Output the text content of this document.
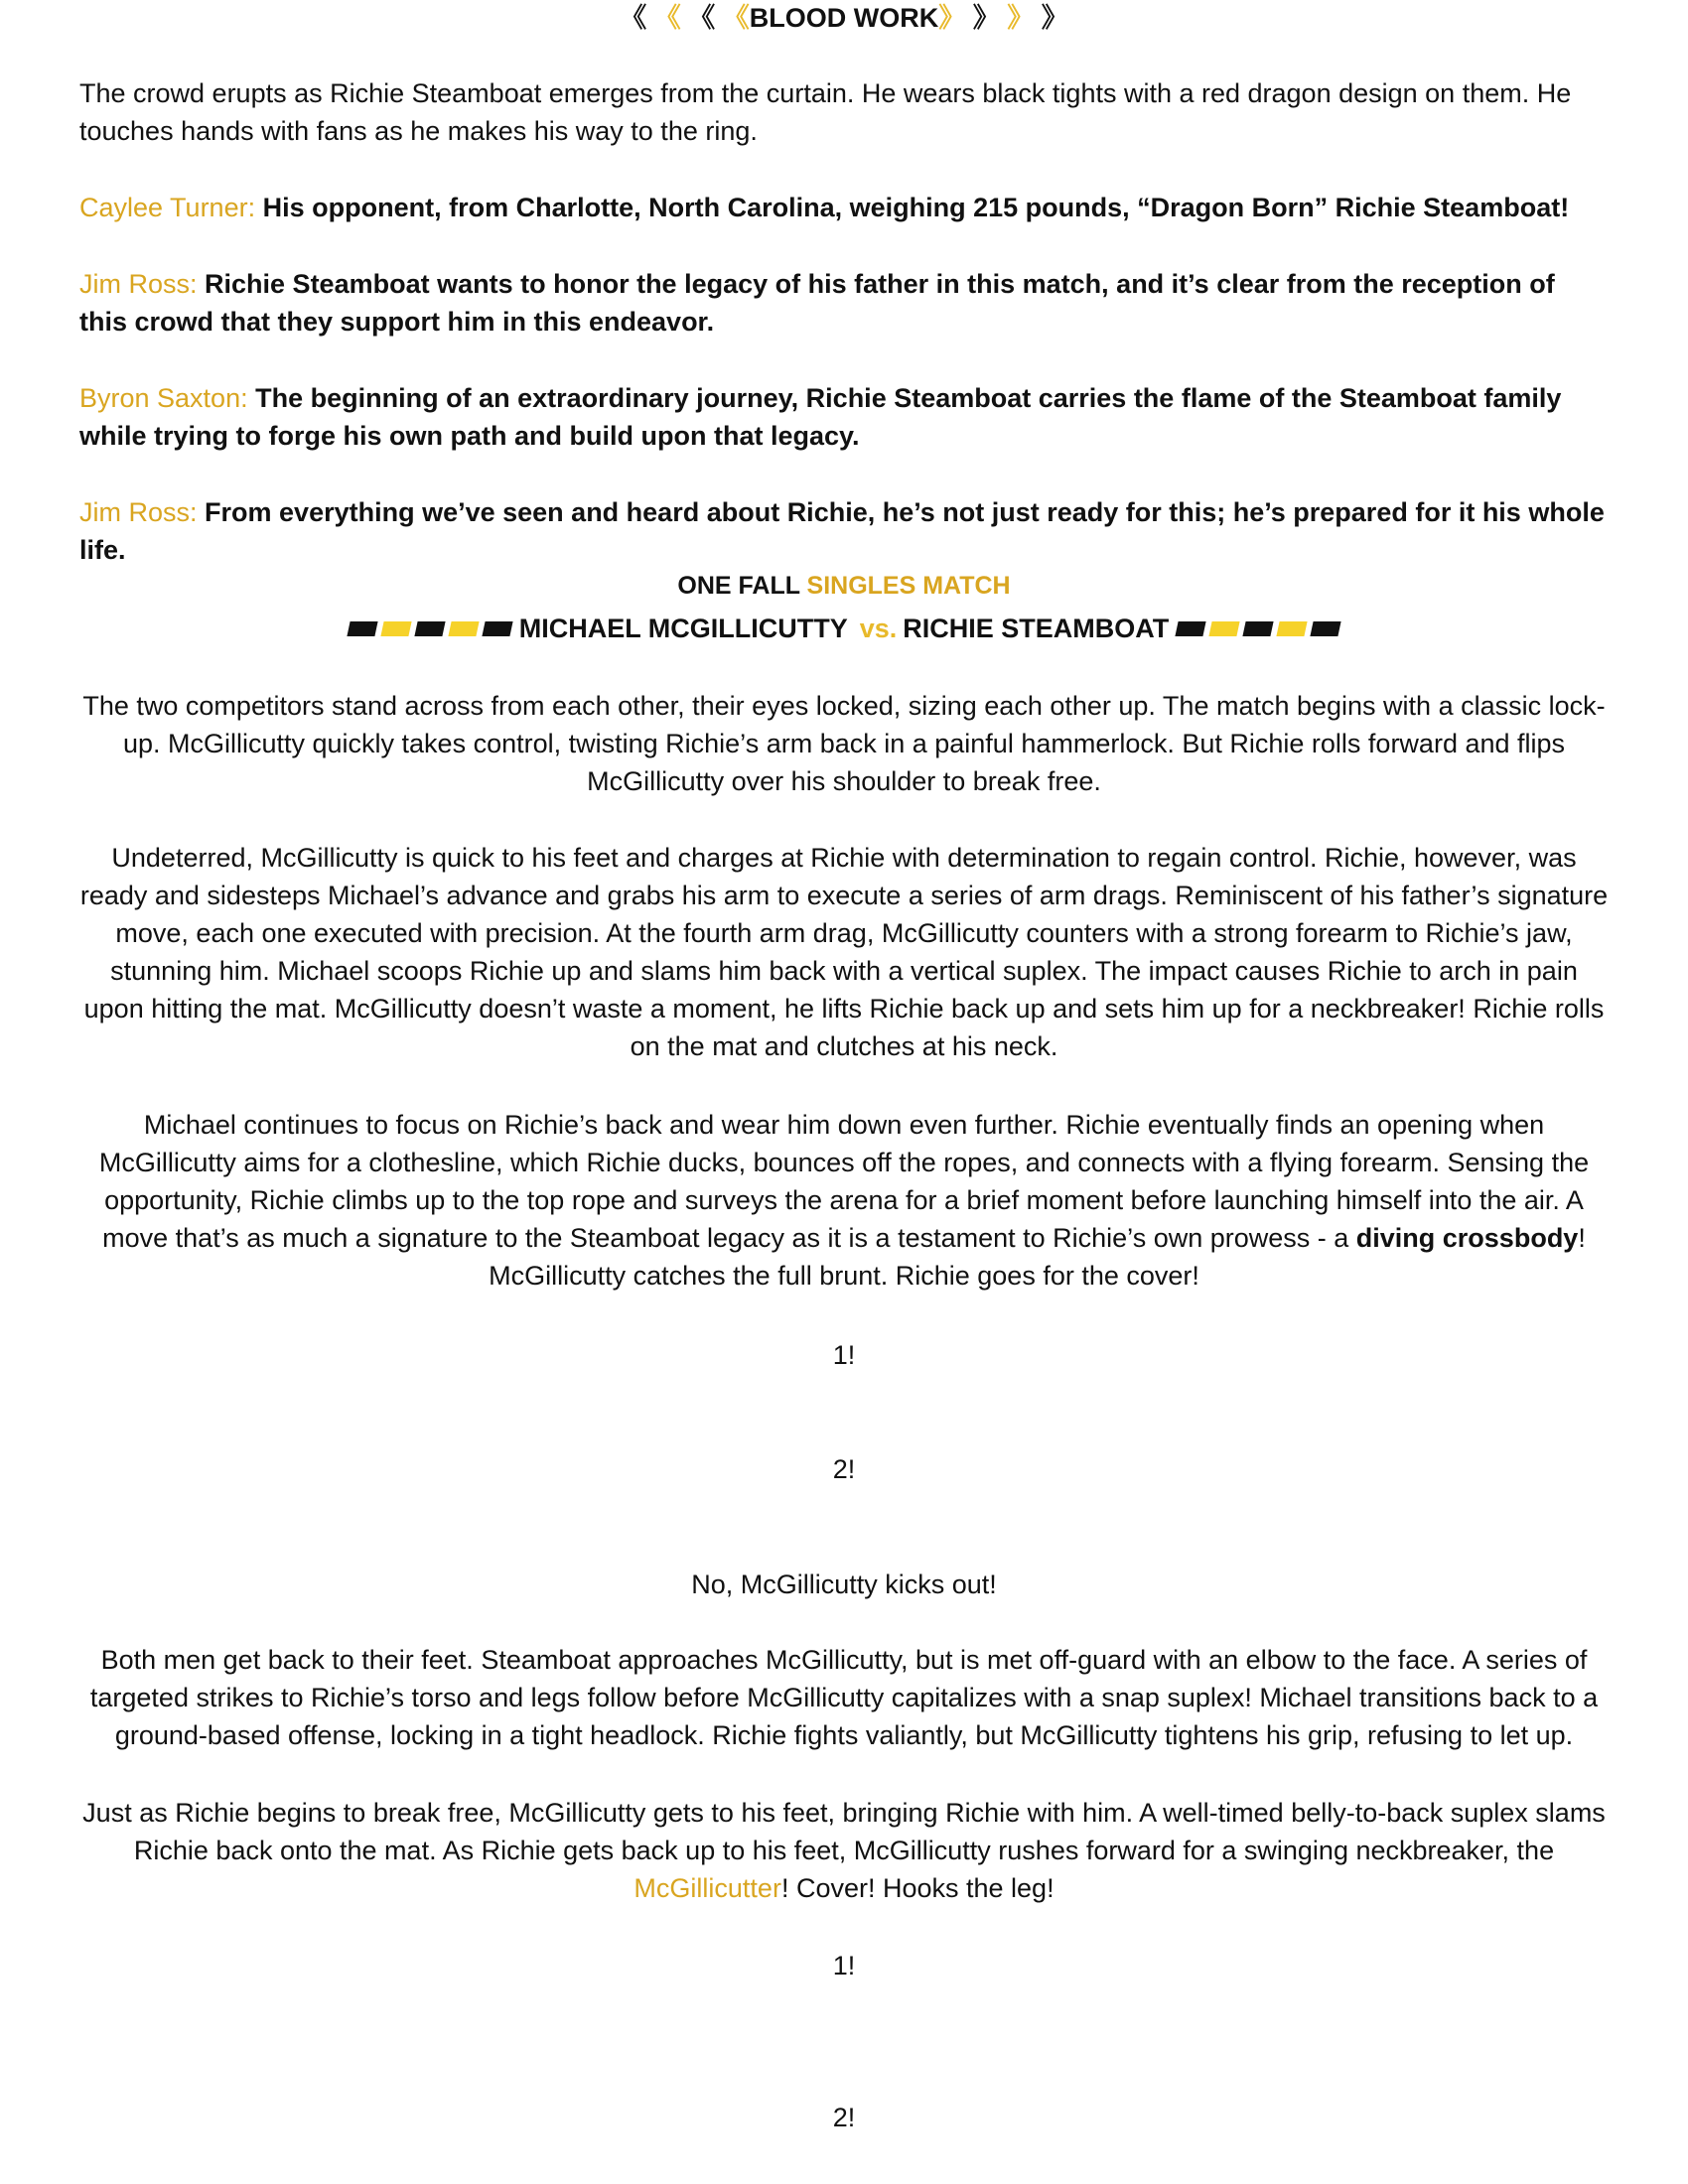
《 《 《 《BLOOD WORK》 》 》 》

The crowd erupts as Richie Steamboat emerges from the curtain. He wears black tights with a red dragon design on them. He touches hands with fans as he makes his way to the ring.

Caylee Turner: His opponent, from Charlotte, North Carolina, weighing 215 pounds, “Dragon Born” Richie Steamboat!

Jim Ross: Richie Steamboat wants to honor the legacy of his father in this match, and it’s clear from the reception of this crowd that they support him in this endeavor.

Byron Saxton: The beginning of an extraordinary journey, Richie Steamboat carries the flame of the Steamboat family while trying to forge his own path and build upon that legacy.

Jim Ross: From everything we’ve seen and heard about Richie, he’s not just ready for this; he’s prepared for it his whole life.

ONE FALL SINGLES MATCH
MICHAEL MCGILLICUTTY vs. RICHIE STEAMBOAT

The two competitors stand across from each other, their eyes locked, sizing each other up. The match begins with a classic lock-up. McGillicutty quickly takes control, twisting Richie’s arm back in a painful hammerlock. But Richie rolls forward and flips McGillicutty over his shoulder to break free.

Undeterred, McGillicutty is quick to his feet and charges at Richie with determination to regain control. Richie, however, was ready and sidesteps Michael’s advance and grabs his arm to execute a series of arm drags. Reminiscent of his father’s signature move, each one executed with precision. At the fourth arm drag, McGillicutty counters with a strong forearm to Richie’s jaw, stunning him. Michael scoops Richie up and slams him back with a vertical suplex. The impact causes Richie to arch in pain upon hitting the mat. McGillicutty doesn’t waste a moment, he lifts Richie back up and sets him up for a neckbreaker! Richie rolls on the mat and clutches at his neck.

Michael continues to focus on Richie’s back and wear him down even further. Richie eventually finds an opening when McGillicutty aims for a clothesline, which Richie ducks, bounces off the ropes, and connects with a flying forearm. Sensing the opportunity, Richie climbs up to the top rope and surveys the arena for a brief moment before launching himself into the air. A move that’s as much a signature to the Steamboat legacy as it is a testament to Richie’s own prowess - a diving crossbody! McGillicutty catches the full brunt. Richie goes for the cover!

1!

2!

No, McGillicutty kicks out!

Both men get back to their feet. Steamboat approaches McGillicutty, but is met off-guard with an elbow to the face. A series of targeted strikes to Richie’s torso and legs follow before McGillicutty capitalizes with a snap suplex! Michael transitions back to a ground-based offense, locking in a tight headlock. Richie fights valiantly, but McGillicutty tightens his grip, refusing to let up.

Just as Richie begins to break free, McGillicutty gets to his feet, bringing Richie with him. A well-timed belly-to-back suplex slams Richie back onto the mat. As Richie gets back up to his feet, McGillicutty rushes forward for a swinging neckbreaker, the McGillicutter! Cover! Hooks the leg!

1!

2!
